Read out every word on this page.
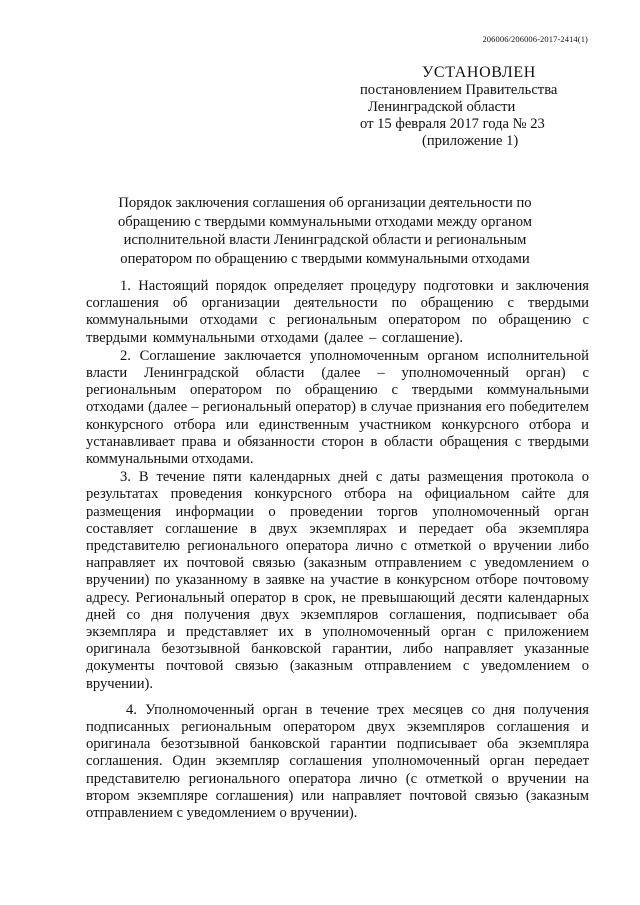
206006/206006-2017-2414(1)
УСТАНОВЛЕН
постановлением Правительства
Ленинградской области
от 15 февраля 2017 года № 23
(приложение 1)
Порядок заключения соглашения об организации деятельности по обращению с твердыми коммунальными отходами между органом исполнительной власти Ленинградской области и региональным оператором по обращению с твердыми коммунальными отходами

1. Настоящий порядок определяет процедуру подготовки и заключения соглашения об организации деятельности по обращению с твердыми коммунальными отходами с региональным оператором по обращению с твердыми коммунальными отходами (далее – соглашение).

2. Соглашение заключается уполномоченным органом исполнительной власти Ленинградской области (далее – уполномоченный орган) с региональным оператором по обращению с твердыми коммунальными отходами (далее – региональный оператор) в случае признания его победителем конкурсного отбора или единственным участником конкурсного отбора и устанавливает права и обязанности сторон в области обращения с твердыми коммунальными отходами.

3. В течение пяти календарных дней с даты размещения протокола о результатах проведения конкурсного отбора на официальном сайте для размещения информации о проведении торгов уполномоченный орган составляет соглашение в двух экземплярах и передает оба экземпляра представителю регионального оператора лично с отметкой о вручении либо направляет их почтовой связью (заказным отправлением с уведомлением о вручении) по указанному в заявке на участие в конкурсном отборе почтовому адресу. Региональный оператор в срок, не превышающий десяти календарных дней со дня получения двух экземпляров соглашения, подписывает оба экземпляра и представляет их в уполномоченный орган с приложением оригинала безотзывной банковской гарантии, либо направляет указанные документы почтовой связью (заказным отправлением с уведомлением о вручении).

4. Уполномоченный орган в течение трех месяцев со дня получения подписанных региональным оператором двух экземпляров соглашения и оригинала безотзывной банковской гарантии подписывает оба экземпляра соглашения. Один экземпляр соглашения уполномоченный орган передает представителю регионального оператора лично (с отметкой о вручении на втором экземпляре соглашения) или направляет почтовой связью (заказным отправлением с уведомлением о вручении).
